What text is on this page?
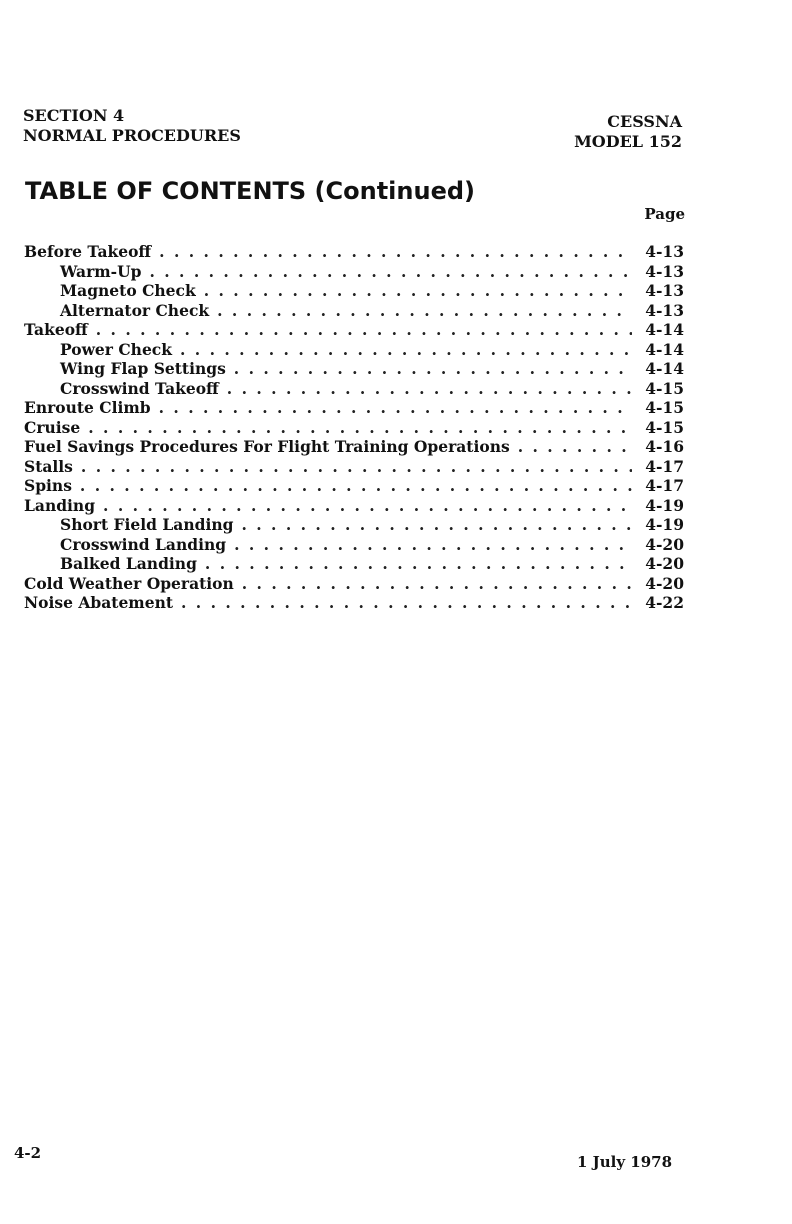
SECTION 4
NORMAL PROCEDURES
CESSNA
MODEL 152
TABLE OF CONTENTS (Continued)
Page
Before Takeoff . . .	4-13
Warm-Up . . .	4-13
Magneto Check . . .	4-13
Alternator Check . . .	4-13
Takeoff . . .	4-14
Power Check . . .	4-14
Wing Flap Settings . . .	4-14
Crosswind Takeoff . . .	4-15
Enroute Climb . . .	4-15
Cruise . . .	4-15
Fuel Savings Procedures For Flight Training Operations . . .	4-16
Stalls . . .	4-17
Spins . . .	4-17
Landing . . .	4-19
Short Field Landing . . .	4-19
Crosswind Landing . . .	4-20
Balked Landing . . .	4-20
Cold Weather Operation . . .	4-20
Noise Abatement . . .	4-22
4-2	1 July 1978
